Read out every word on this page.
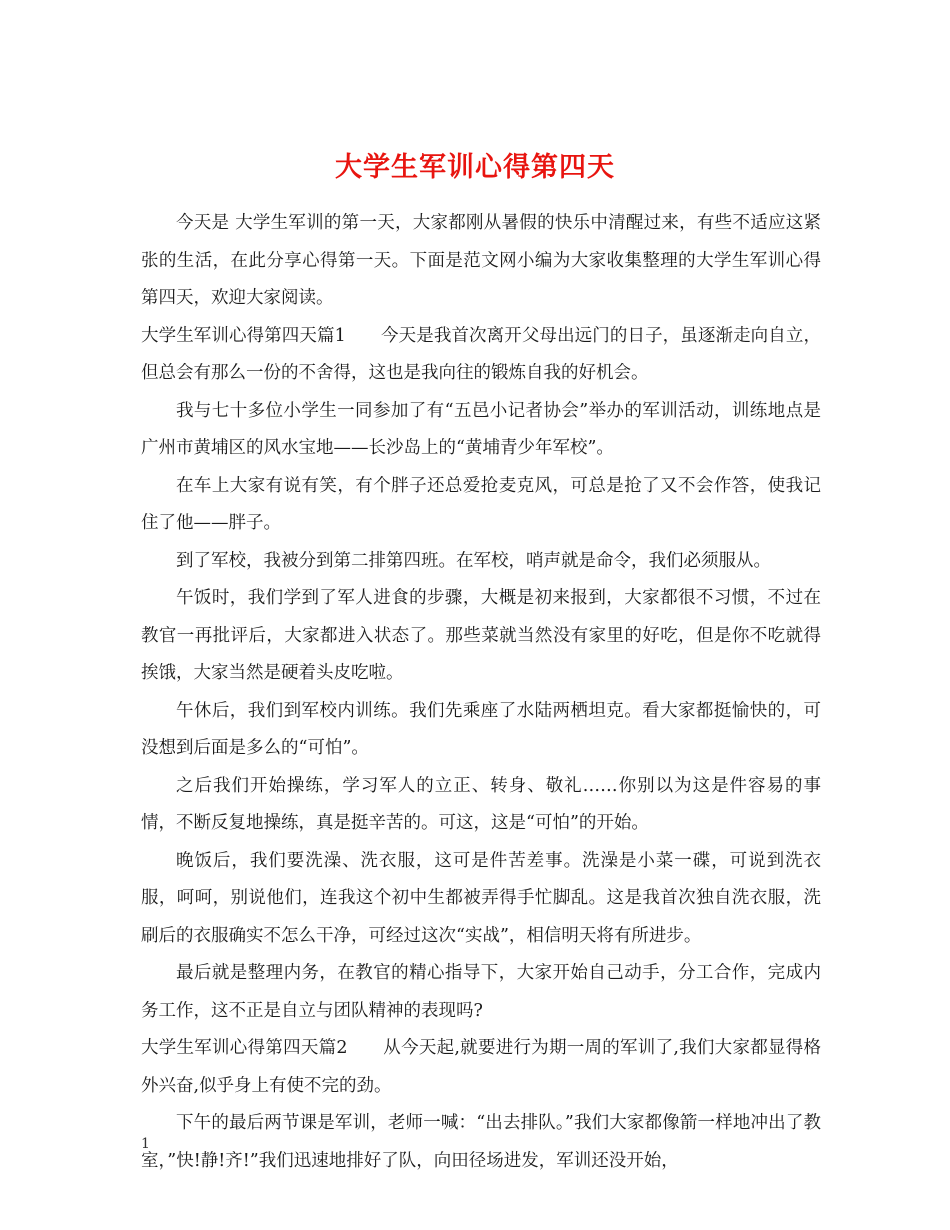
大学生军训心得第四天

今天是 大学生军训的第一天，大家都刚从暑假的快乐中清醒过来，有些不适应这紧张的生活，在此分享心得第一天。下面是范文网小编为大家收集整理的大学生军训心得第四天，欢迎大家阅读。

大学生军训心得第四天篇1　　今天是我首次离开父母出远门的日子，虽逐渐走向自立，但总会有那么一份的不舍得，这也是我向往的锻炼自我的好机会。

我与七十多位小学生一同参加了有“五邑小记者协会”举办的军训活动，训练地点是广州市黄埔区的风水宝地——长沙岛上的“黄埔青少年军校”。

在车上大家有说有笑，有个胖子还总爱抢麦克风，可总是抢了又不会作答，使我记住了他——胖子。

到了军校，我被分到第二排第四班。在军校，哨声就是命令，我们必须服从。

午饭时，我们学到了军人进食的步骤，大概是初来报到，大家都很不习惯，不过在教官一再批评后，大家都进入状态了。那些菜就当然没有家里的好吃，但是你不吃就得挨饿，大家当然是硬着头皮吃啦。

午休后，我们到军校内训练。我们先乘座了水陆两栖坦克。看大家都挺愉快的，可没想到后面是多么的“可怕”。

之后我们开始操练，学习军人的立正、转身、敬礼……你别以为这是件容易的事情，不断反复地操练，真是挺辛苦的。可这，这是“可怕”的开始。

晚饭后，我们要洗澡、洗衣服，这可是件苦差事。洗澡是小菜一碟，可说到洗衣服，呵呵，别说他们，连我这个初中生都被弄得手忙脚乱。这是我首次独自洗衣服，洗刷后的衣服确实不怎么干净，可经过这次“实战”，相信明天将有所进步。

最后就是整理内务，在教官的精心指导下，大家开始自己动手，分工合作，完成内务工作，这不正是自立与团队精神的表现吗?

大学生军训心得第四天篇2　　从今天起,就要进行为期一周的军训了,我们大家都显得格外兴奋,似乎身上有使不完的劲。

下午的最后两节课是军训，老师一喊：“出去排队。”我们大家都像箭一样地冲出了教室，”快!静!齐!”我们迅速地排好了队，向田径场进发，军训还没开始，

1
